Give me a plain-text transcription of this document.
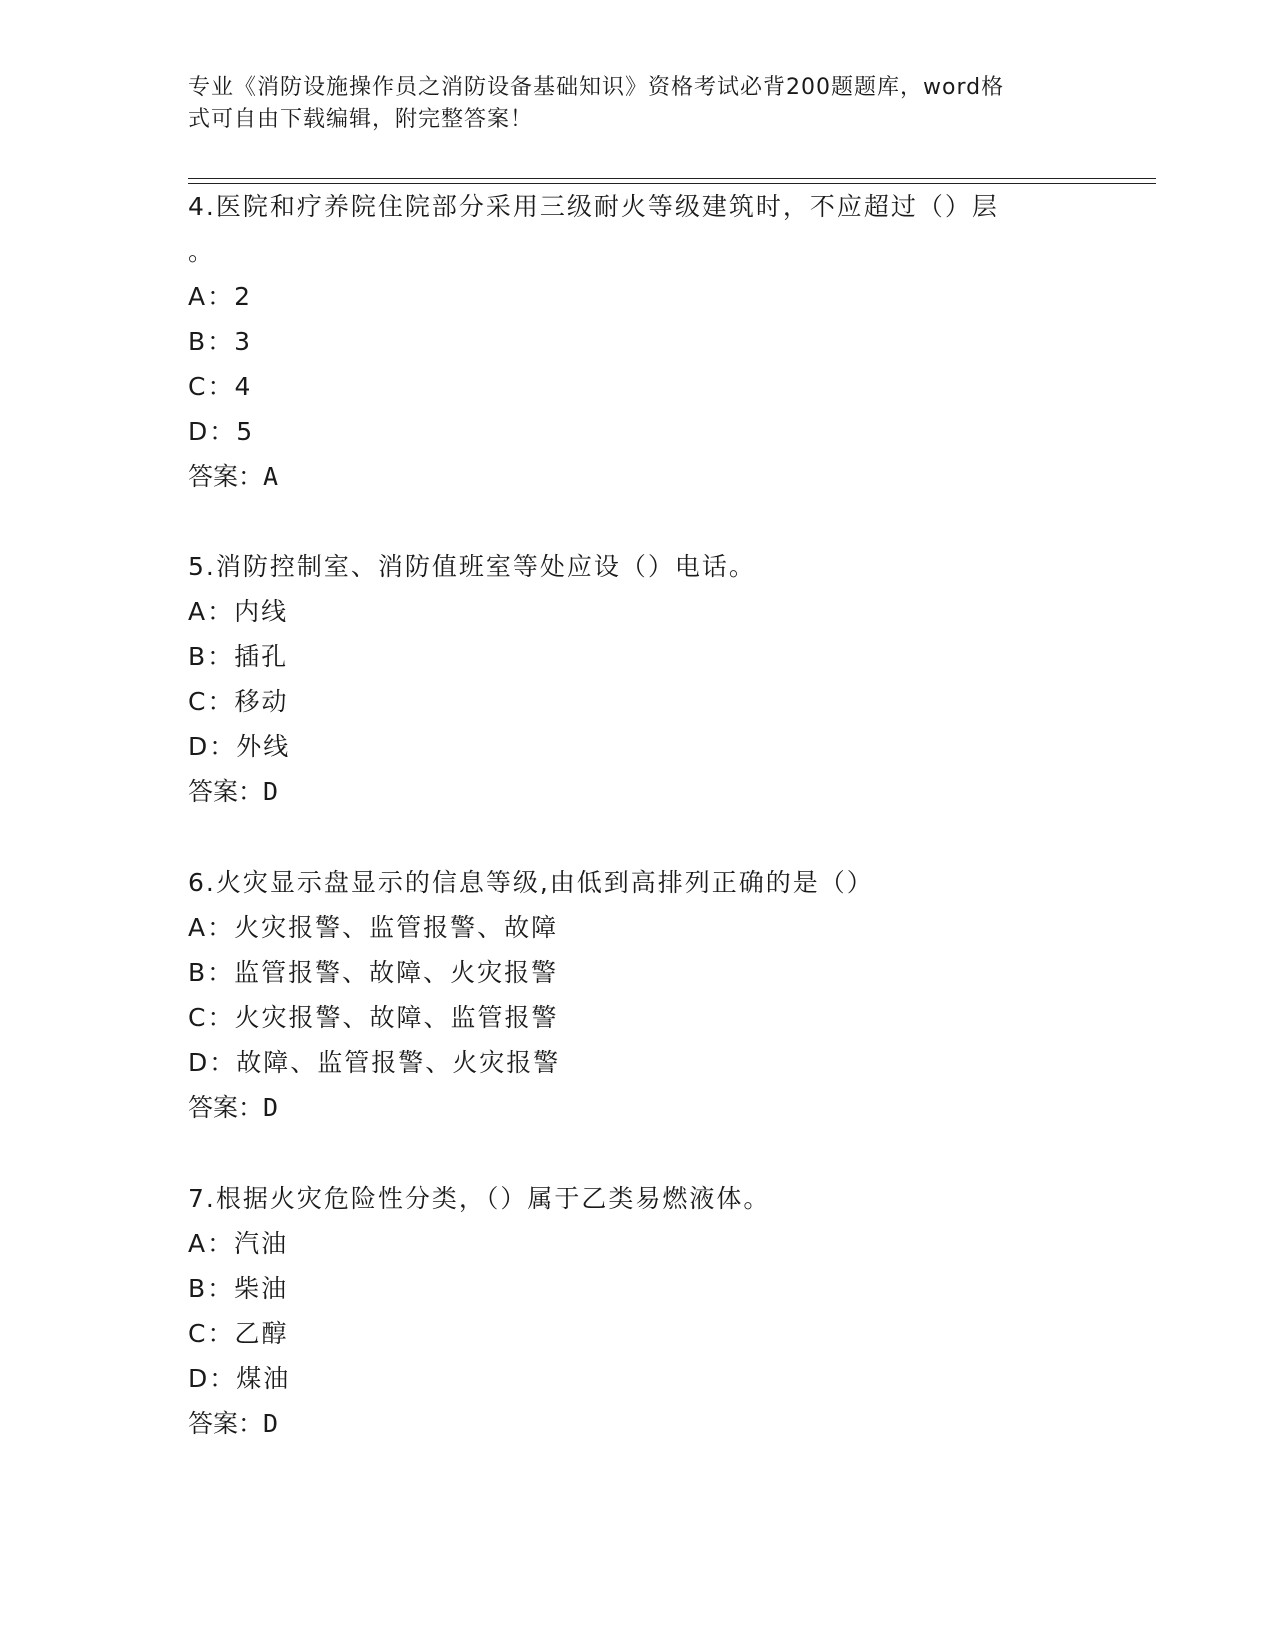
专业《消防设施操作员之消防设备基础知识》资格考试必背200题题库，word格
式可自由下载编辑，附完整答案！
4.医院和疗养院住院部分采用三级耐火等级建筑时，不应超过（）层
。
A：2
B：3
C：4
D：5
答案：A
5.消防控制室、消防值班室等处应设（）电话。
A：内线
B：插孔
C：移动
D：外线
答案：D
6.火灾显示盘显示的信息等级,由低到高排列正确的是（）
A：火灾报警、监管报警、故障
B：监管报警、故障、火灾报警
C：火灾报警、故障、监管报警
D：故障、监管报警、火灾报警
答案：D
7.根据火灾危险性分类，（）属于乙类易燃液体。
A：汽油
B：柴油
C：乙醇
D：煤油
答案：D
